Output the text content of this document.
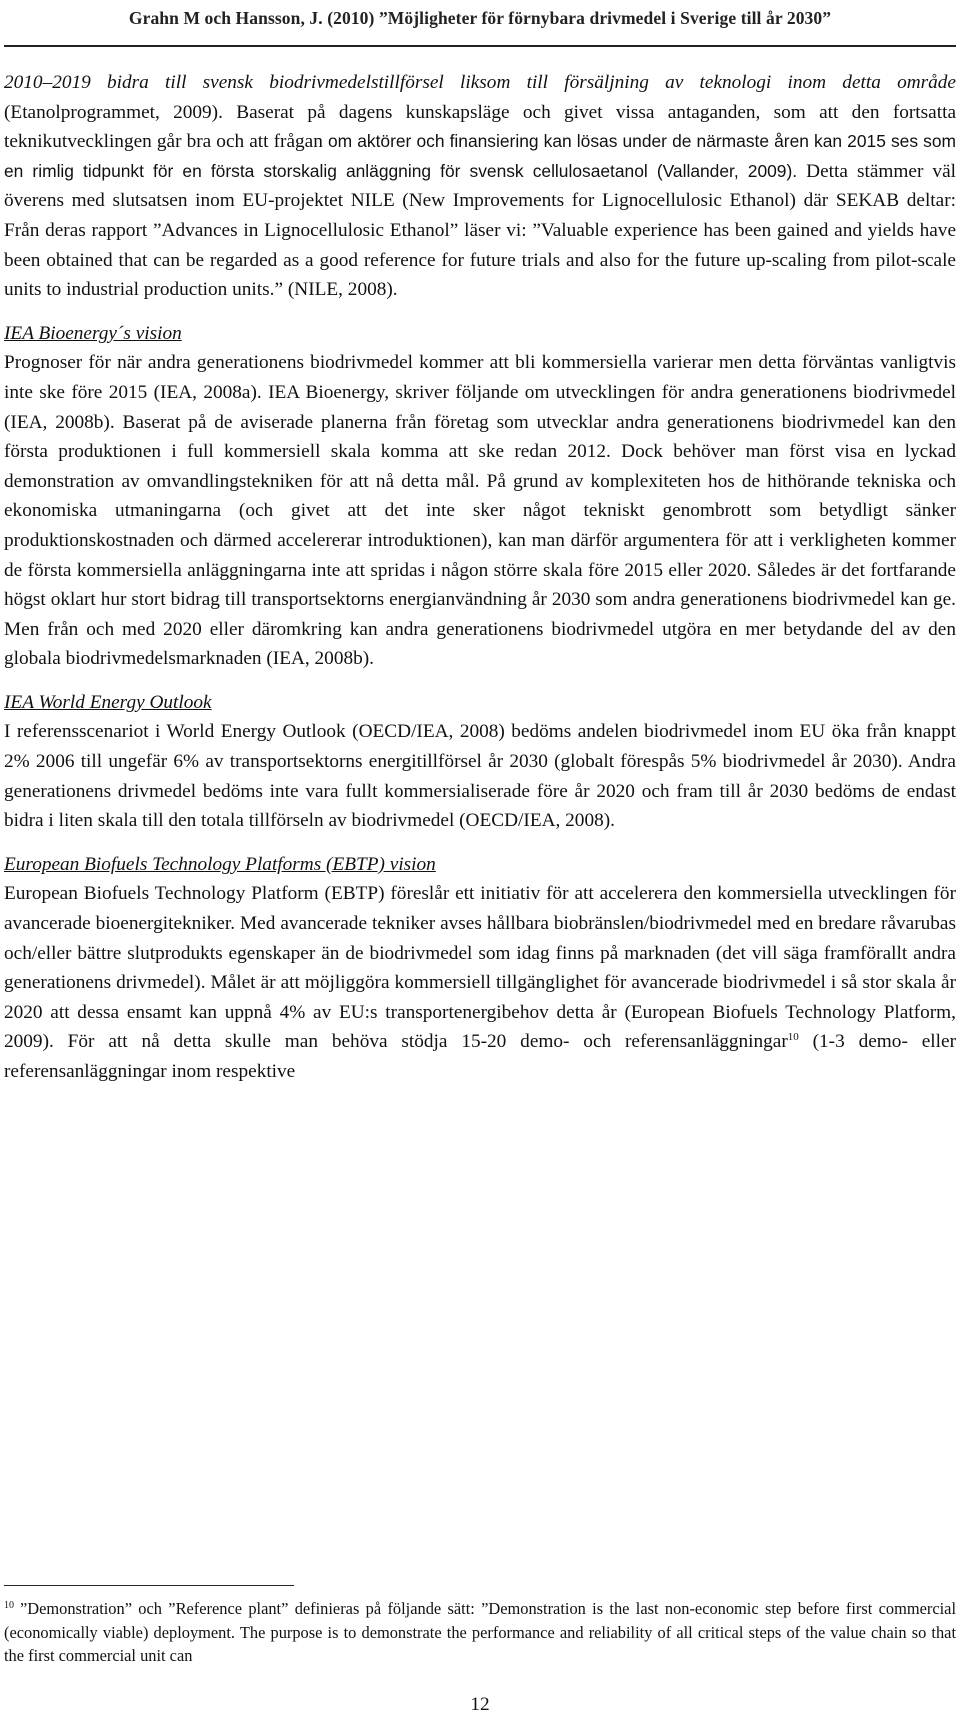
Grahn M och Hansson, J. (2010) ”Möjligheter för förnybara drivmedel i Sverige till år 2030”

2010–2019 bidra till svensk biodrivmedelstillförsel liksom till försäljning av teknologi inom detta område (Etanolprogrammet, 2009). Baserat på dagens kunskapsläge och givet vissa antaganden, som att den fortsatta teknikutvecklingen går bra och att frågan om aktörer och finansiering kan lösas under de närmaste åren kan 2015 ses som en rimlig tidpunkt för en första storskalig anläggning för svensk cellulosaetanol (Vallander, 2009). Detta stämmer väl överens med slutsatsen inom EU-projektet NILE (New Improvements for Lignocellulosic Ethanol) där SEKAB deltar: Från deras rapport ”Advances in Lignocellulosic Ethanol” läser vi: ”Valuable experience has been gained and yields have been obtained that can be regarded as a good reference for future trials and also for the future up-scaling from pilot-scale units to industrial production units.” (NILE, 2008).

IEA Bioenergy´s vision

Prognoser för när andra generationens biodrivmedel kommer att bli kommersiella varierar men detta förväntas vanligtvis inte ske före 2015 (IEA, 2008a). IEA Bioenergy, skriver följande om utvecklingen för andra generationens biodrivmedel (IEA, 2008b). Baserat på de aviserade planerna från företag som utvecklar andra generationens biodrivmedel kan den första produktionen i full kommersiell skala komma att ske redan 2012. Dock behöver man först visa en lyckad demonstration av omvandlingstekniken för att nå detta mål. På grund av komplexiteten hos de hithörande tekniska och ekonomiska utmaningarna (och givet att det inte sker något tekniskt genombrott som betydligt sänker produktionskostnaden och därmed accelererar introduktionen), kan man därför argumentera för att i verkligheten kommer de första kommersiella anläggningarna inte att spridas i någon större skala före 2015 eller 2020. Således är det fortfarande högst oklart hur stort bidrag till transportsektorns energianvändning år 2030 som andra generationens biodrivmedel kan ge. Men från och med 2020 eller däromkring kan andra generationens biodrivmedel utgöra en mer betydande del av den globala biodrivmedelsmarknaden (IEA, 2008b).

IEA World Energy Outlook

I referensscenariot i World Energy Outlook (OECD/IEA, 2008) bedöms andelen biodrivmedel inom EU öka från knappt 2% 2006 till ungefär 6% av transportsektorns energitillförsel år 2030 (globalt förespås 5% biodrivmedel år 2030). Andra generationens drivmedel bedöms inte vara fullt kommersialiserade före år 2020 och fram till år 2030 bedöms de endast bidra i liten skala till den totala tillförseln av biodrivmedel (OECD/IEA, 2008).

European Biofuels Technology Platforms (EBTP) vision

European Biofuels Technology Platform (EBTP) föreslår ett initiativ för att accelerera den kommersiella utvecklingen för avancerade bioenergitekniker. Med avancerade tekniker avses hållbara biobränslen/biodrivmedel med en bredare råvarubas och/eller bättre slutprodukts egenskaper än de biodrivmedel som idag finns på marknaden (det vill säga framförallt andra generationens drivmedel). Målet är att möjliggöra kommersiell tillgänglighet för avancerade biodrivmedel i så stor skala år 2020 att dessa ensamt kan uppnå 4% av EU:s transportenergibehov detta år (European Biofuels Technology Platform, 2009). För att nå detta skulle man behöva stödja 15-20 demo- och referensanläggningar$^{10}$ (1-3 demo- eller referensanläggningar inom respektive

$^{10}$ ”Demonstration” och ”Reference plant” definieras på följande sätt: ”Demonstration is the last non-economic step before first commercial (economically viable) deployment. The purpose is to demonstrate the performance and reliability of all critical steps of the value chain so that the first commercial unit can
12
